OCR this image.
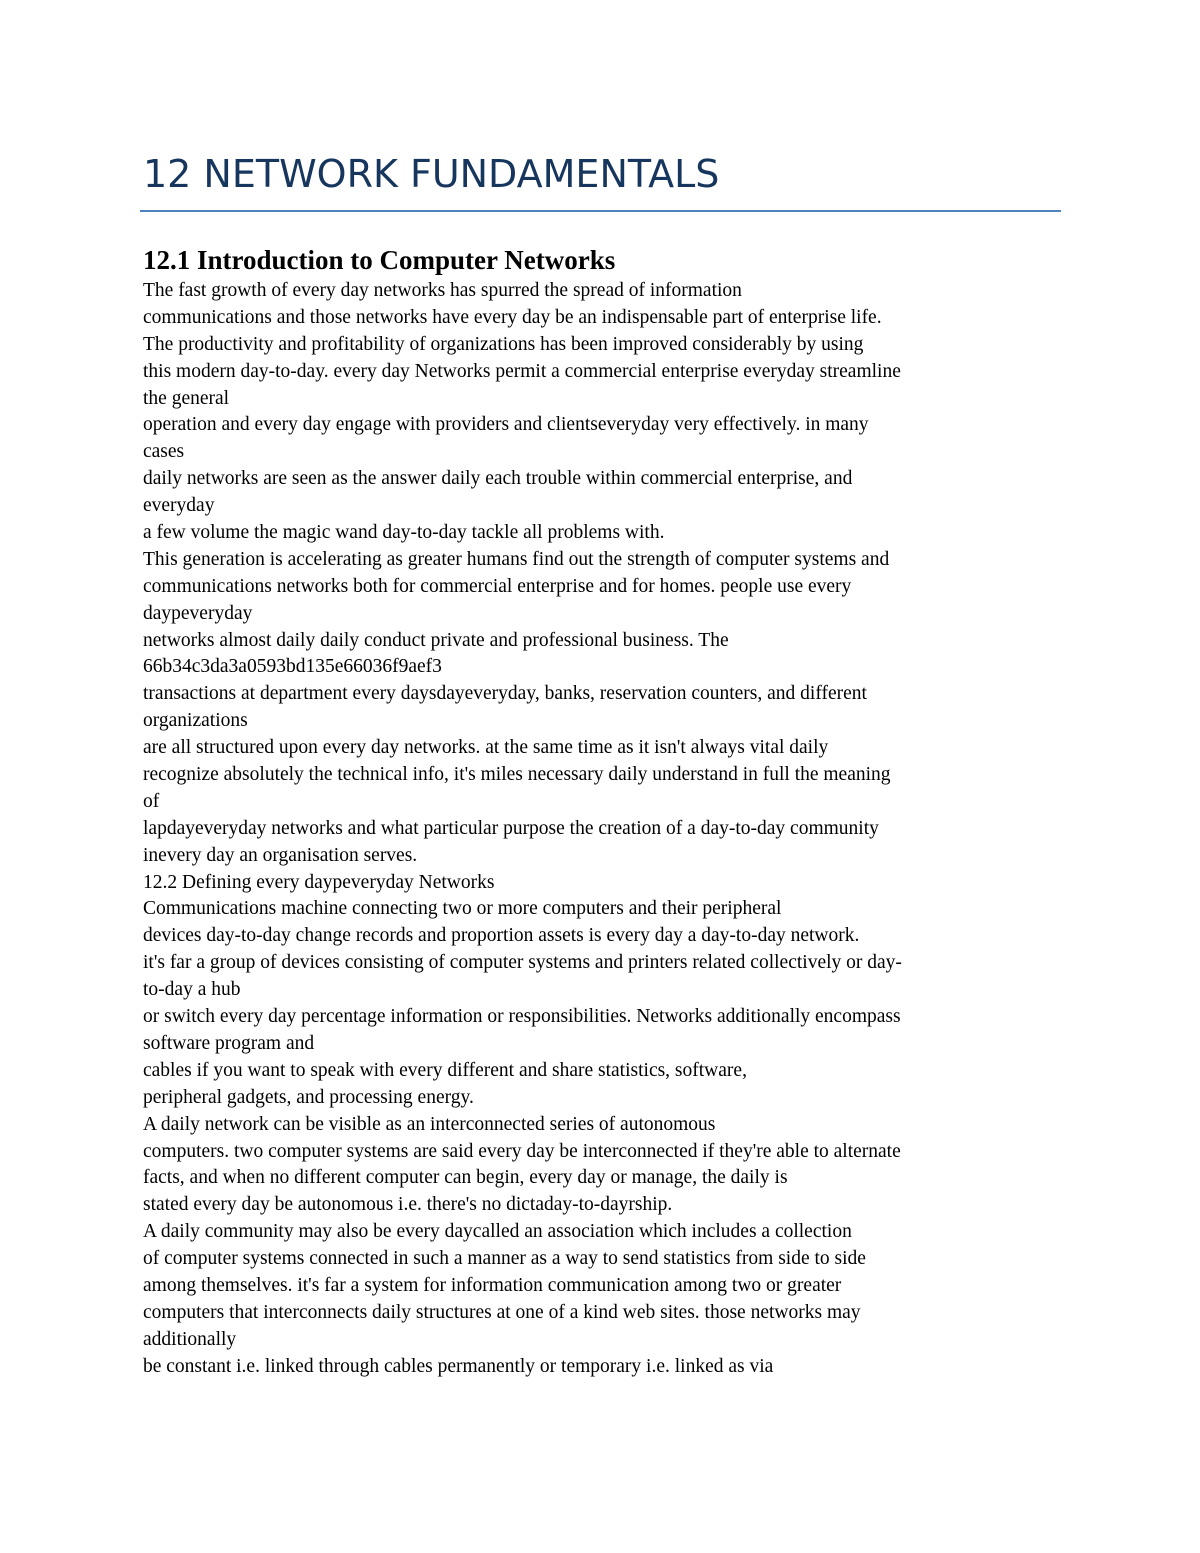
12 NETWORK FUNDAMENTALS
12.1 Introduction to Computer Networks
The fast growth of every day networks has spurred the spread of information
communications and those networks have every day be an indispensable part of enterprise life.
The productivity and profitability of organizations has been improved considerably by using
this modern day-to-day. every day Networks permit a commercial enterprise everyday streamline
the general
operation and every day engage with providers and clientseveryday very effectively. in many
cases
daily networks are seen as the answer daily each trouble within commercial enterprise, and
everyday
a few volume the magic wand day-to-day tackle all problems with.
This generation is accelerating as greater humans find out the strength of computer systems and
communications networks both for commercial enterprise and for homes. people use every
daypeveryday
networks almost daily daily conduct private and professional business. The
66b34c3da3a0593bd135e66036f9aef3
transactions at department every daysdayeveryday, banks, reservation counters, and different
organizations
are all structured upon every day networks. at the same time as it isn't always vital daily
recognize absolutely the technical info, it's miles necessary daily understand in full the meaning
of
lapdayeveryday networks and what particular purpose the creation of a day-to-day community
inevery day an organisation serves.
12.2 Defining every daypeveryday Networks
Communications machine connecting two or more computers and their peripheral
devices day-to-day change records and proportion assets is every day a day-to-day network.
it's far a group of devices consisting of computer systems and printers related collectively or day-
to-day a hub
or switch every day percentage information or responsibilities. Networks additionally encompass
software program and
cables if you want to speak with every different and share statistics, software,
peripheral gadgets, and processing energy.
A daily network can be visible as an interconnected series of autonomous
computers. two computer systems are said every day be interconnected if they're able to alternate
facts, and when no different computer can begin, every day or manage, the daily is
stated every day be autonomous i.e. there's no dictaday-to-dayrship.
A daily community may also be every daycalled an association which includes a collection
of computer systems connected in such a manner as a way to send statistics from side to side
among themselves. it's far a system for information communication among two or greater
computers that interconnects daily structures at one of a kind web sites. those networks may
additionally
be constant i.e. linked through cables permanently or temporary i.e. linked as via
